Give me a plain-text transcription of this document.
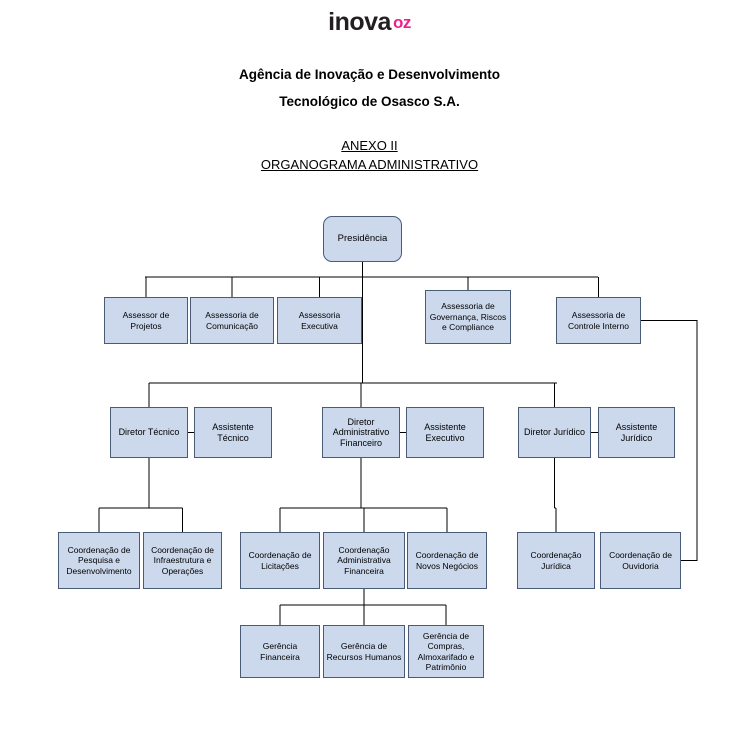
inova oz
Agência de Inovação e Desenvolvimento
Tecnológico de Osasco S.A.
ANEXO II
ORGANOGRAMA ADMINISTRATIVO
Presidência
Assessor de Projetos
Assessoria de Comunicação
Assessoria Executiva
Assessoria de Governança, Riscos e Compliance
Assessoria de Controle Interno
Diretor Técnico
Assistente Técnico
Diretor Administrativo Financeiro
Assistente Executivo
Diretor Jurídico
Assistente Jurídico
Coordenação de Pesquisa e Desenvolvimento
Coordenação de Infraestrutura e Operações
Coordenação de Licitações
Coordenação Administrativa Financeira
Coordenação de Novos Negócios
Coordenação Jurídica
Coordenação de Ouvidoria
Gerência Financeira
Gerência de Recursos Humanos
Gerência de Compras, Almoxarifado e Patrimônio
